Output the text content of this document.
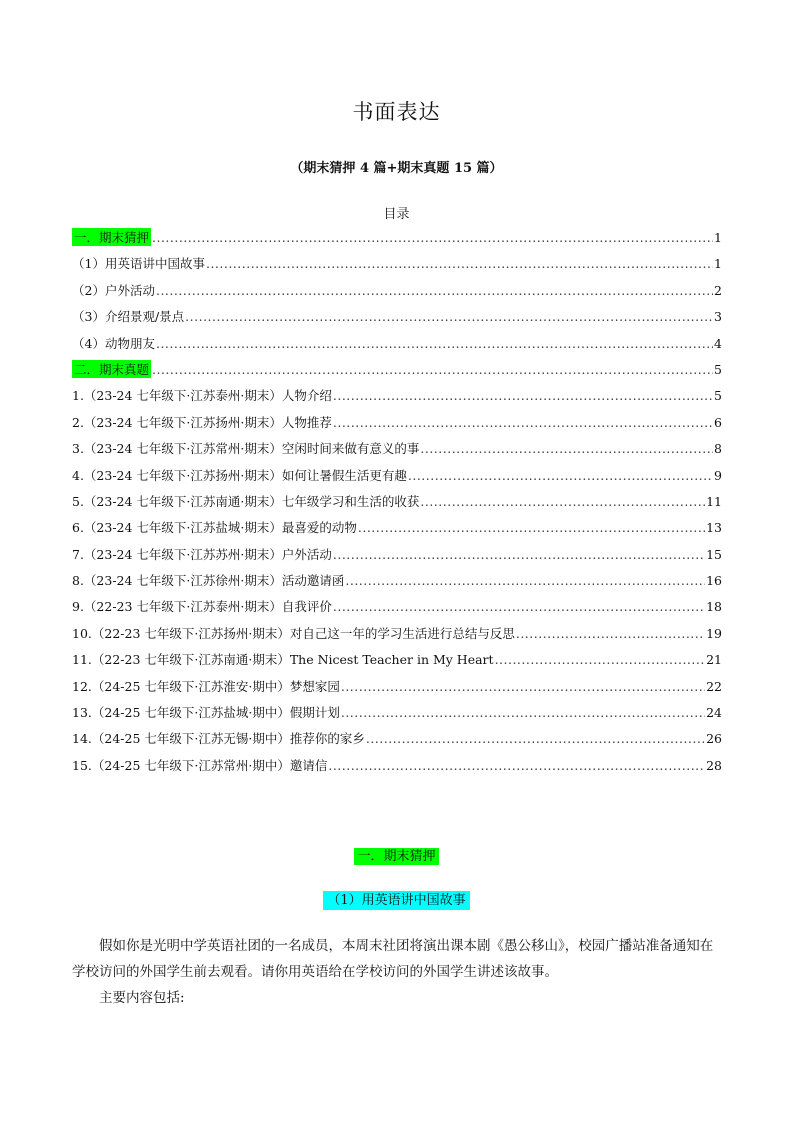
书面表达
（期末猜押 4 篇+期末真题 15 篇）
目录
一．期末猜押 .....	1
（1）用英语讲中国故事 .....	1
（2）户外活动 .....	2
（3）介绍景观/景点 .....	3
（4）动物朋友 .....	4
二．期末真题 .....	5
1.（23-24 七年级下·江苏泰州·期末）人物介绍 .....	5
2.（23-24 七年级下·江苏扬州·期末）人物推荐 .....	6
3.（23-24 七年级下·江苏常州·期末）空闲时间来做有意义的事 .....	8
4.（23-24 七年级下·江苏扬州·期末）如何让暑假生活更有趣 .....	9
5.（23-24 七年级下·江苏南通·期末）七年级学习和生活的收获 .....	11
6.（23-24 七年级下·江苏盐城·期末）最喜爱的动物 .....	13
7.（23-24 七年级下·江苏苏州·期末）户外活动 .....	15
8.（23-24 七年级下·江苏徐州·期末）活动邀请函 .....	16
9.（22-23 七年级下·江苏泰州·期末）自我评价 .....	18
10.（22-23 七年级下·江苏扬州·期末）对自己这一年的学习生活进行总结与反思 .....	19
11.（22-23 七年级下·江苏南通·期末）The Nicest Teacher in My Heart .....	21
12.（24-25 七年级下·江苏淮安·期中）梦想家园 .....	22
13.（24-25 七年级下·江苏盐城·期中）假期计划 .....	24
14.（24-25 七年级下·江苏无锡·期中）推荐你的家乡 .....	26
15.（24-25 七年级下·江苏常州·期中）邀请信 .....	28
一．期末猜押
（1）用英语讲中国故事

假如你是光明中学英语社团的一名成员，本周末社团将演出课本剧《愚公移山》，校园广播站准备通知在学校访问的外国学生前去观看。请你用英语给在学校访问的外国学生讲述该故事。

主要内容包括:
